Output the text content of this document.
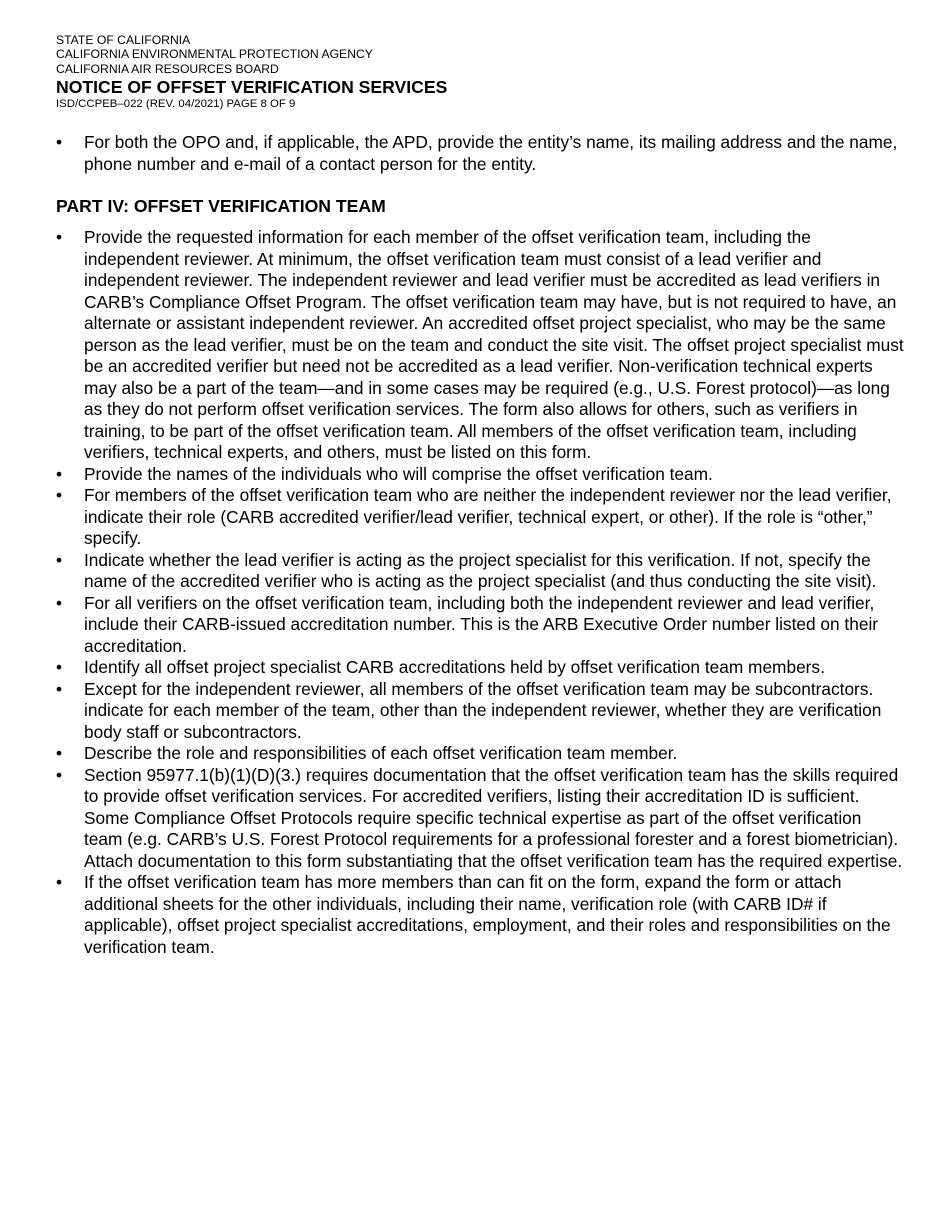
STATE OF CALIFORNIA
CALIFORNIA ENVIRONMENTAL PROTECTION AGENCY
CALIFORNIA AIR RESOURCES BOARD
NOTICE OF OFFSET VERIFICATION SERVICES
ISD/CCPEB–022 (REV. 04/2021) PAGE 8 OF 9
• For both the OPO and, if applicable, the APD, provide the entity’s name, its mailing address and the name, phone number and e-mail of a contact person for the entity.
PART IV: OFFSET VERIFICATION TEAM
• Provide the requested information for each member of the offset verification team, including the independent reviewer. At minimum, the offset verification team must consist of a lead verifier and independent reviewer. The independent reviewer and lead verifier must be accredited as lead verifiers in CARB’s Compliance Offset Program. The offset verification team may have, but is not required to have, an alternate or assistant independent reviewer. An accredited offset project specialist, who may be the same person as the lead verifier, must be on the team and conduct the site visit. The offset project specialist must be an accredited verifier but need not be accredited as a lead verifier. Non-verification technical experts may also be a part of the team—and in some cases may be required (e.g., U.S. Forest protocol)—as long as they do not perform offset verification services. The form also allows for others, such as verifiers in training, to be part of the offset verification team. All members of the offset verification team, including verifiers, technical experts, and others, must be listed on this form.
• Provide the names of the individuals who will comprise the offset verification team.
• For members of the offset verification team who are neither the independent reviewer nor the lead verifier, indicate their role (CARB accredited verifier/lead verifier, technical expert, or other). If the role is “other,” specify.
• Indicate whether the lead verifier is acting as the project specialist for this verification. If not, specify the name of the accredited verifier who is acting as the project specialist (and thus conducting the site visit).
• For all verifiers on the offset verification team, including both the independent reviewer and lead verifier, include their CARB-issued accreditation number. This is the ARB Executive Order number listed on their accreditation.
• Identify all offset project specialist CARB accreditations held by offset verification team members.
• Except for the independent reviewer, all members of the offset verification team may be subcontractors. indicate for each member of the team, other than the independent reviewer, whether they are verification body staff or subcontractors.
• Describe the role and responsibilities of each offset verification team member.
• Section 95977.1(b)(1)(D)(3.) requires documentation that the offset verification team has the skills required to provide offset verification services. For accredited verifiers, listing their accreditation ID is sufficient. Some Compliance Offset Protocols require specific technical expertise as part of the offset verification team (e.g. CARB’s U.S. Forest Protocol requirements for a professional forester and a forest biometrician). Attach documentation to this form substantiating that the offset verification team has the required expertise.
• If the offset verification team has more members than can fit on the form, expand the form or attach additional sheets for the other individuals, including their name, verification role (with CARB ID# if applicable), offset project specialist accreditations, employment, and their roles and responsibilities on the verification team.
